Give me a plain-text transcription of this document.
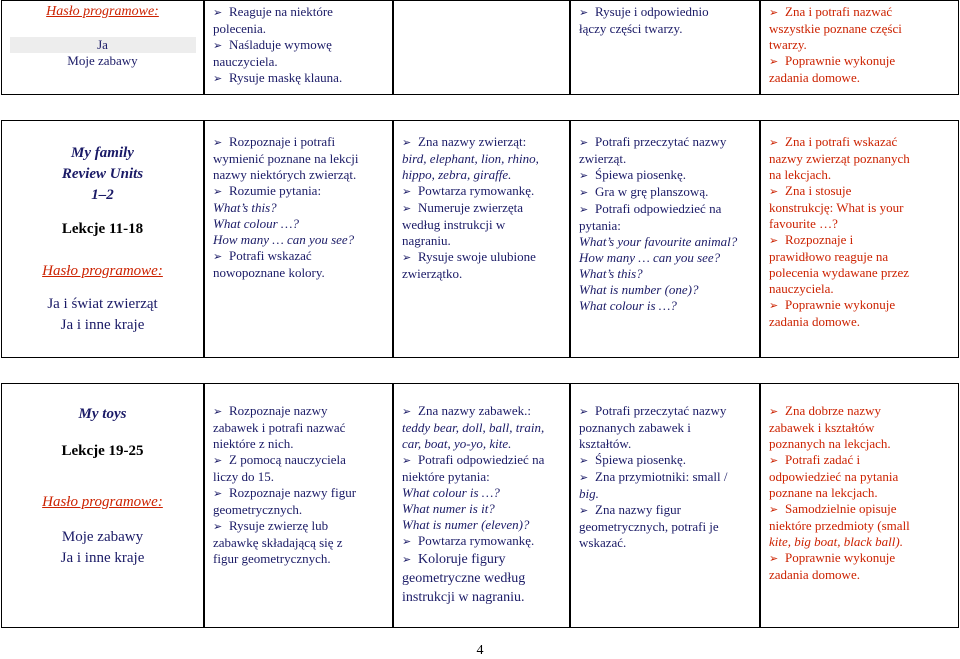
Hasło programowe:
Ja
Moje zabawy
➢ Reaguje na niektóre
polecenia.
➢ Naśladuje wymowę
nauczyciela.
➢ Rysuje maskę klauna.
➢ Rysuje i odpowiednio
łączy części twarzy.
➢ Zna i potrafi nazwać
wszystkie poznane części
twarzy.
➢ Poprawnie wykonuje
zadania domowe.
My family
Review Units
1–2
Lekcje 11-18
Hasło programowe:
Ja i świat zwierząt
Ja i inne kraje
➢ Rozpoznaje i potrafi
wymienić poznane na lekcji
nazwy niektórych zwierząt.
➢ Rozumie pytania:
What’s this?
What colour …?
How many … can you see?
➢ Potrafi wskazać
nowopoznane kolory.
➢ Zna nazwy zwierząt:
bird, elephant, lion, rhino,
hippo, zebra, giraffe.
➢ Powtarza rymowankę.
➢ Numeruje zwierzęta
według instrukcji w
nagraniu.
➢ Rysuje swoje ulubione
zwierzątko.
➢ Potrafi przeczytać nazwy
zwierząt.
➢ Śpiewa piosenkę.
➢ Gra w grę planszową.
➢ Potrafi odpowiedzieć na
pytania:
What’s your favourite animal?
How many … can you see?
What’s this?
What is number (one)?
What colour is …?
➢ Zna i potrafi wskazać
nazwy zwierząt poznanych
na lekcjach.
➢ Zna i stosuje
konstrukcję: What is your
favourite …?
➢ Rozpoznaje i
prawidłowo reaguje na
polecenia wydawane przez
nauczyciela.
➢ Poprawnie wykonuje
zadania domowe.
My toys
Lekcje 19-25
Hasło programowe:
Moje zabawy
Ja i inne kraje
➢ Rozpoznaje nazwy
zabawek i potrafi nazwać
niektóre z nich.
➢ Z pomocą nauczyciela
liczy do 15.
➢ Rozpoznaje nazwy figur
geometrycznych.
➢ Rysuje zwierzę lub
zabawkę składającą się z
figur geometrycznych.
➢ Zna nazwy zabawek.:
teddy bear, doll, ball, train,
car, boat, yo-yo, kite.
➢ Potrafi odpowiedzieć na
niektóre pytania:
What colour is …?
What numer is it?
What is numer (eleven)?
➢ Powtarza rymowankę.
➢ Koloruje figury
geometryczne według
instrukcji w nagraniu.
➢ Potrafi przeczytać nazwy
poznanych zabawek i
kształtów.
➢ Śpiewa piosenkę.
➢ Zna przymiotniki: small /
big.
➢ Zna nazwy figur
geometrycznych, potrafi je
wskazać.
➢ Zna dobrze nazwy
zabawek i kształtów
poznanych na lekcjach.
➢ Potrafi zadać i
odpowiedzieć na pytania
poznane na lekcjach.
➢ Samodzielnie opisuje
niektóre przedmioty (small
kite, big boat, black ball).
➢ Poprawnie wykonuje
zadania domowe.
4
